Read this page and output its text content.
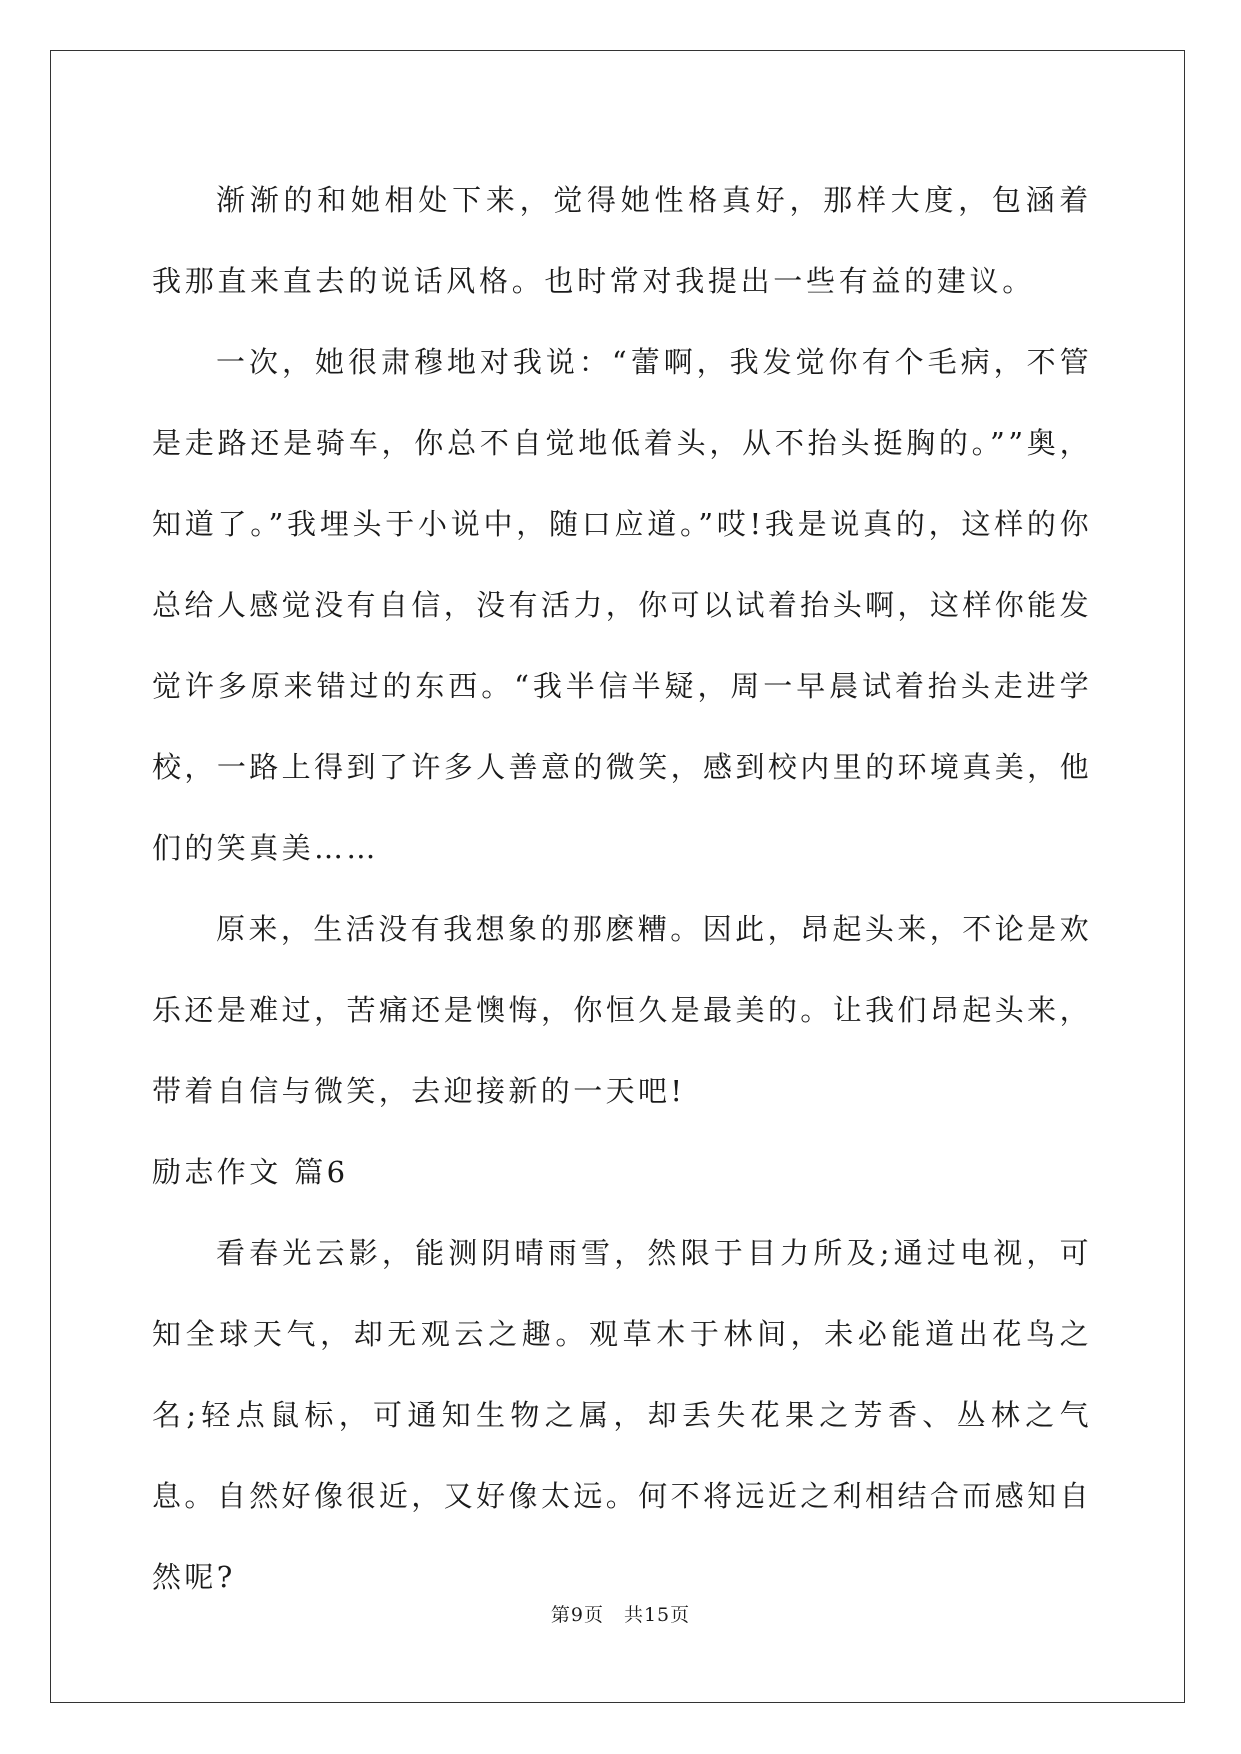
渐渐的和她相处下来，觉得她性格真好，那样大度，包涵着我那直来直去的说话风格。也时常对我提出一些有益的建议。

一次，她很肃穆地对我说：“蕾啊，我发觉你有个毛病，不管是走路还是骑车，你总不自觉地低着头，从不抬头挺胸的。””奥，知道了。”我埋头于小说中，随口应道。”哎!我是说真的，这样的你总给人感觉没有自信，没有活力，你可以试着抬头啊，这样你能发觉许多原来错过的东西。“我半信半疑，周一早晨试着抬头走进学校，一路上得到了许多人善意的微笑，感到校内里的环境真美，他们的笑真美……

原来，生活没有我想象的那麽糟。因此，昂起头来，不论是欢乐还是难过，苦痛还是懊悔，你恒久是最美的。让我们昂起头来，带着自信与微笑，去迎接新的一天吧!

励志作文 篇6

看春光云影，能测阴晴雨雪，然限于目力所及;通过电视，可知全球天气，却无观云之趣。观草木于林间，未必能道出花鸟之名;轻点鼠标，可通知生物之属，却丢失花果之芳香、丛林之气息。自然好像很近，又好像太远。何不将远近之利相结合而感知自然呢?

第9页 共15页
